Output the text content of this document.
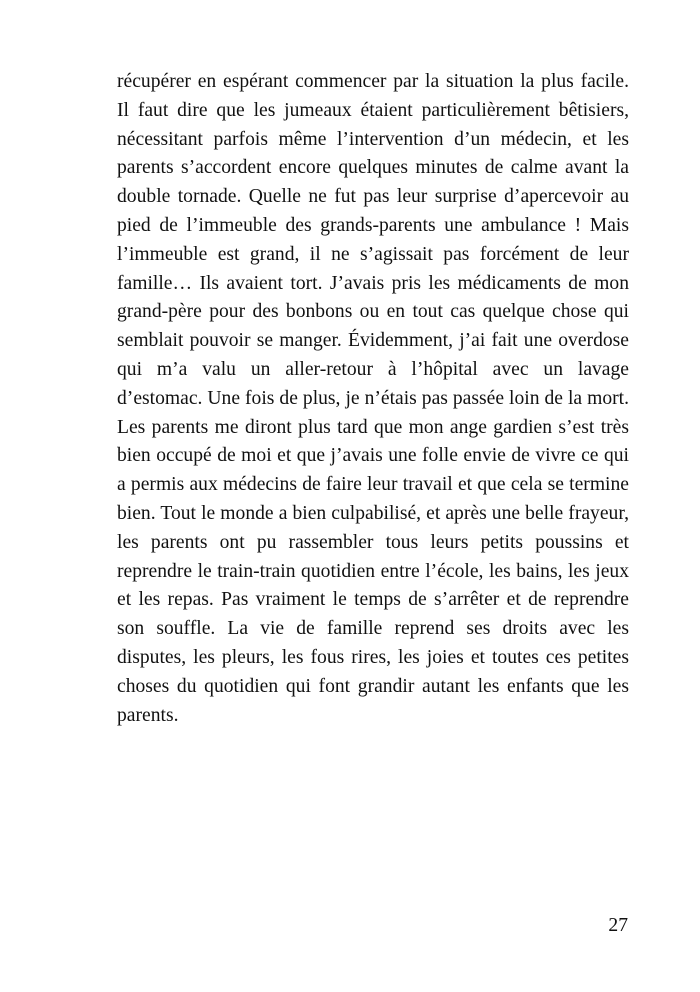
récupérer en espérant commencer par la situation la plus facile.
Il faut dire que les jumeaux étaient particulièrement bêtisiers,
nécessitant parfois même l’intervention d’un médecin, et les
parents s’accordent encore quelques minutes de calme avant la
double tornade. Quelle ne fut pas leur surprise d’apercevoir au
pied de l’immeuble des grands-parents une ambulance ! Mais
l’immeuble est grand, il ne s’agissait pas forcément de leur
famille… Ils avaient tort. J’avais pris les médicaments de mon
grand-père pour des bonbons ou en tout cas quelque chose qui
semblait pouvoir se manger. Évidemment, j’ai fait une overdose
qui m’a valu un aller-retour à l’hôpital avec un lavage
d’estomac. Une fois de plus, je n’étais pas passée loin de la mort.
Les parents me diront plus tard que mon ange gardien s’est très
bien occupé de moi et que j’avais une folle envie de vivre ce qui
a permis aux médecins de faire leur travail et que cela se termine
bien. Tout le monde a bien culpabilisé, et après une belle frayeur,
les parents ont pu rassembler tous leurs petits poussins et
reprendre le train-train quotidien entre l’école, les bains, les jeux
et les repas. Pas vraiment le temps de s’arrêter et de reprendre
son souffle. La vie de famille reprend ses droits avec les
disputes, les pleurs, les fous rires, les joies et toutes ces petites
choses du quotidien qui font grandir autant les enfants que les
parents.
27
